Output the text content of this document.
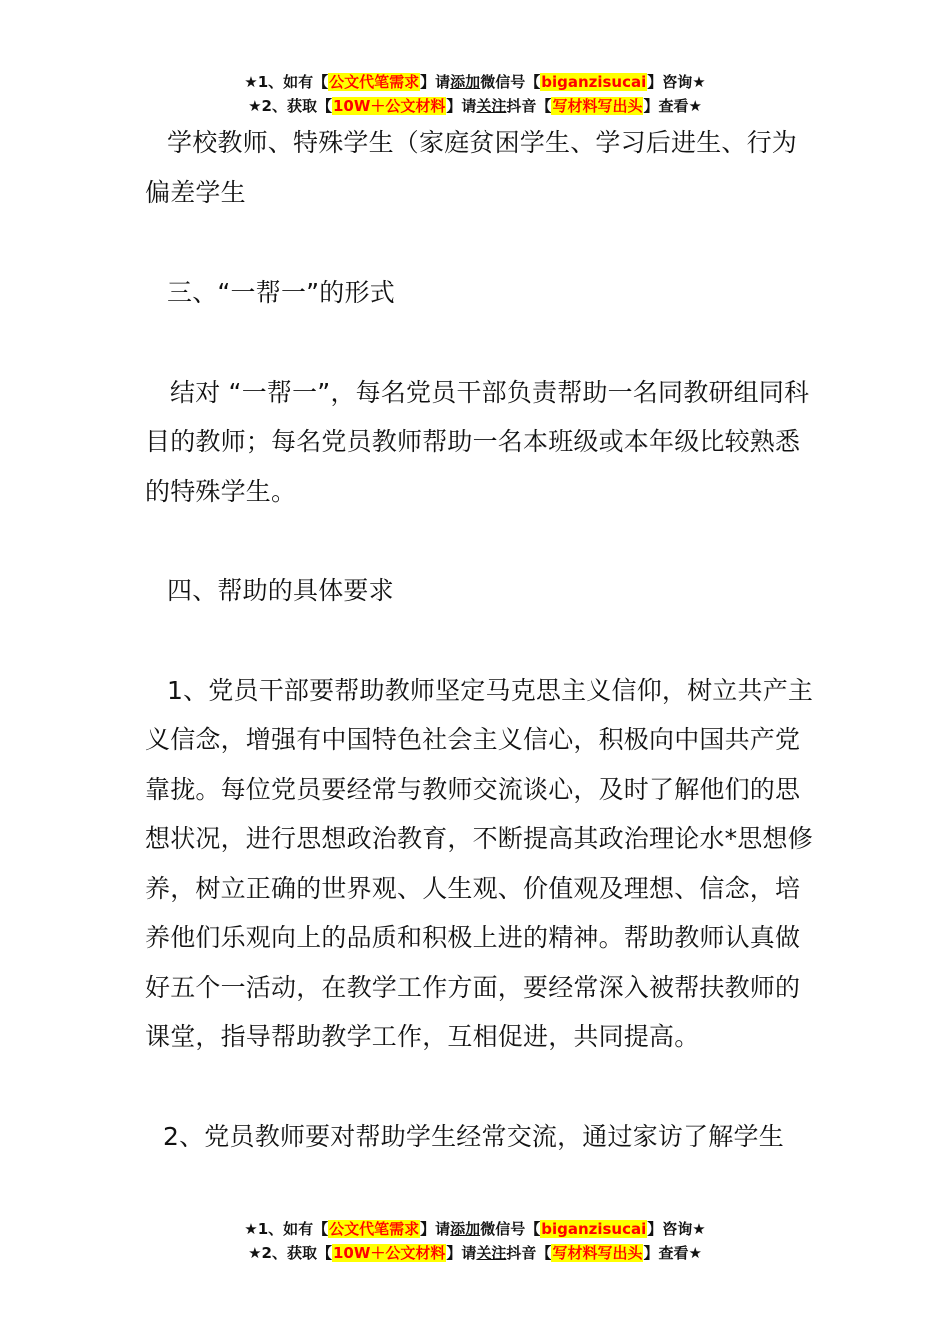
★1、如有【公文代笔需求】请添加微信号【biganzisucai】咨询★
★2、获取【10W＋公文材料】请关注抖音【写材料写出头】查看★

学校教师、特殊学生（家庭贫困学生、学习后进生、行为偏差学生

三、“一帮一”的形式

结对 “一帮一”，每名党员干部负责帮助一名同教研组同科目的教师；每名党员教师帮助一名本班级或本年级比较熟悉的特殊学生。

四、帮助的具体要求

1、党员干部要帮助教师坚定马克思主义信仰，树立共产主义信念，增强有中国特色社会主义信心，积极向中国共产党靠拢。每位党员要经常与教师交流谈心，及时了解他们的思想状况，进行思想政治教育，不断提高其政治理论水*思想修养，树立正确的世界观、人生观、价值观及理想、信念，培养他们乐观向上的品质和积极上进的精神。帮助教师认真做好五个一活动，在教学工作方面，要经常深入被帮扶教师的课堂，指导帮助教学工作，互相促进，共同提高。

2、党员教师要对帮助学生经常交流，通过家访了解学生

★1、如有【公文代笔需求】请添加微信号【biganzisucai】咨询★
★2、获取【10W＋公文材料】请关注抖音【写材料写出头】查看★
